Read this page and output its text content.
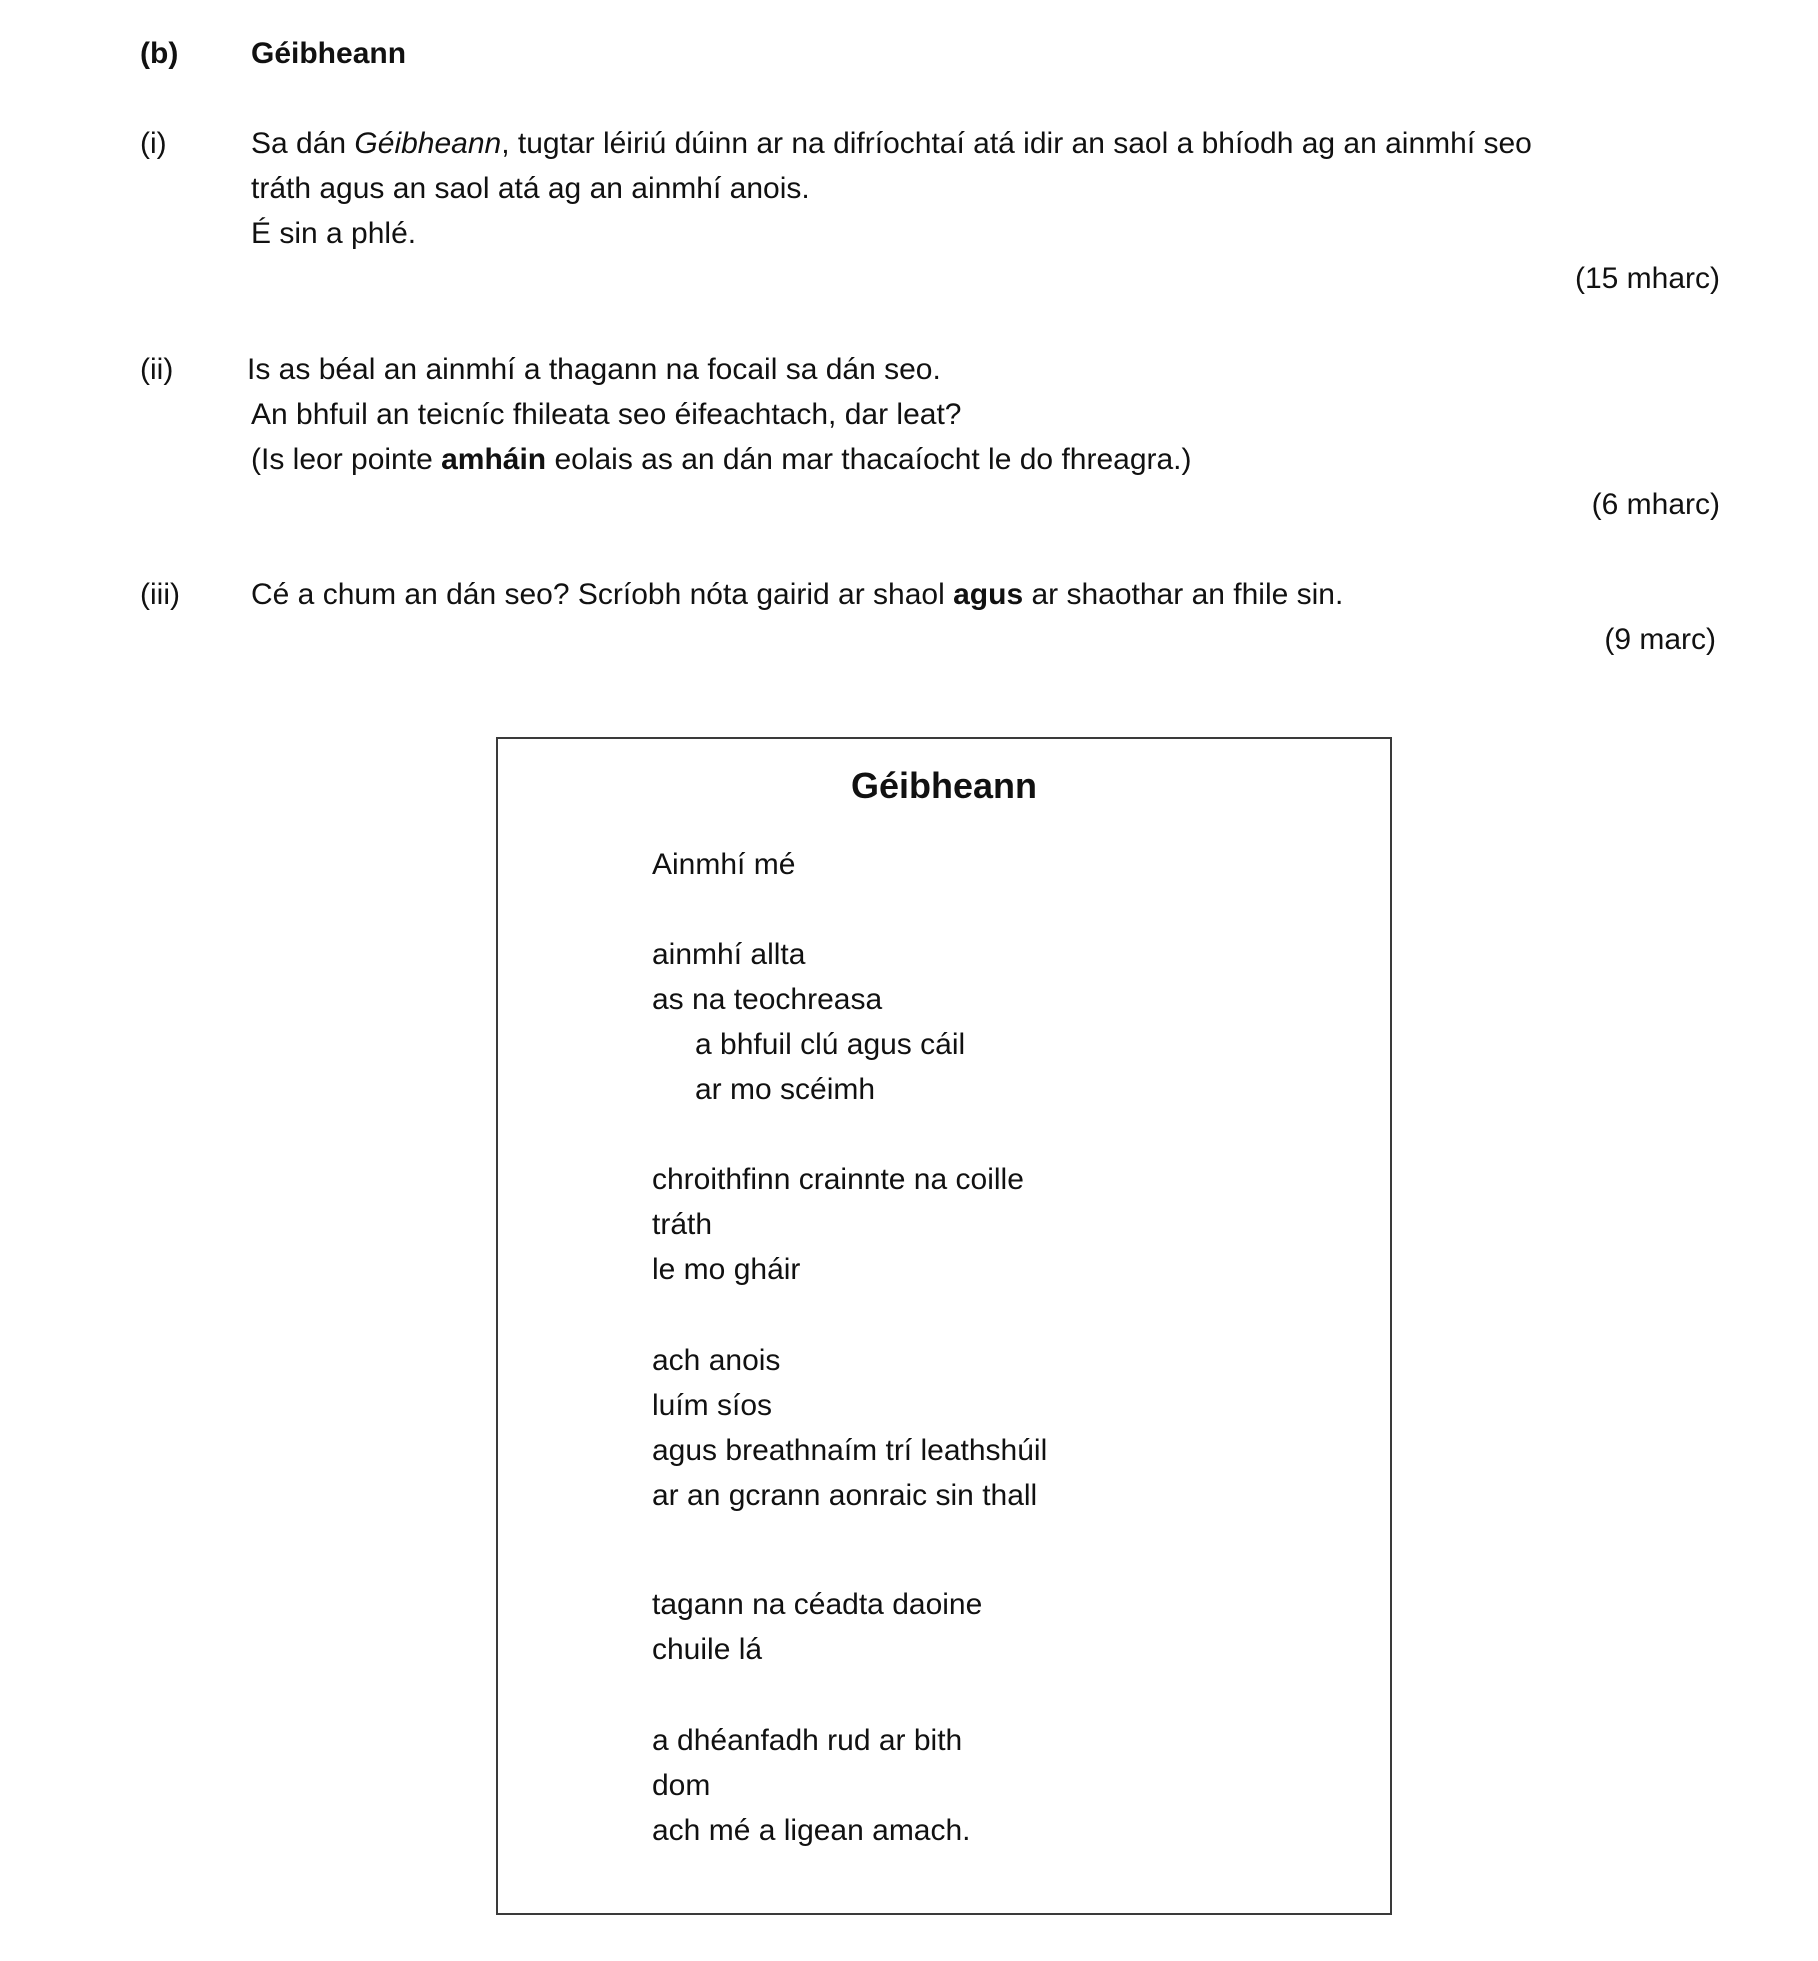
(b) Géibheann
(i)	Sa dán Géibheann, tugtar léiriú dúinn ar na difríochtaí atá idir an saol a bhíodh ag an ainmhí seo
tráth agus an saol atá ag an ainmhí anois.
É sin a phlé.
(15 mharc)
(ii) Is as béal an ainmhí a thagann na focail sa dán seo.
An bhfuil an teicníc fhileata seo éifeachtach, dar leat?
(Is leor pointe amháin eolais as an dán mar thacaíocht le do fhreagra.)
(6 mharc)
(iii) Cé a chum an dán seo? Scríobh nóta gairid ar shaol agus ar shaothar an fhile sin.
(9 marc)
Géibheann
Ainmhí mé
ainmhí allta
as na teochreasa
a bhfuil clú agus cáil
ar mo scéimh
chroithfinn crainnte na coille
tráth
le mo gháir
ach anois
luím síos
agus breathnaím trí leathshúil
ar an gcrann aonraic sin thall
tagann na céadta daoine
chuile lá
a dhéanfadh rud ar bith
dom
ach mé a ligean amach.
